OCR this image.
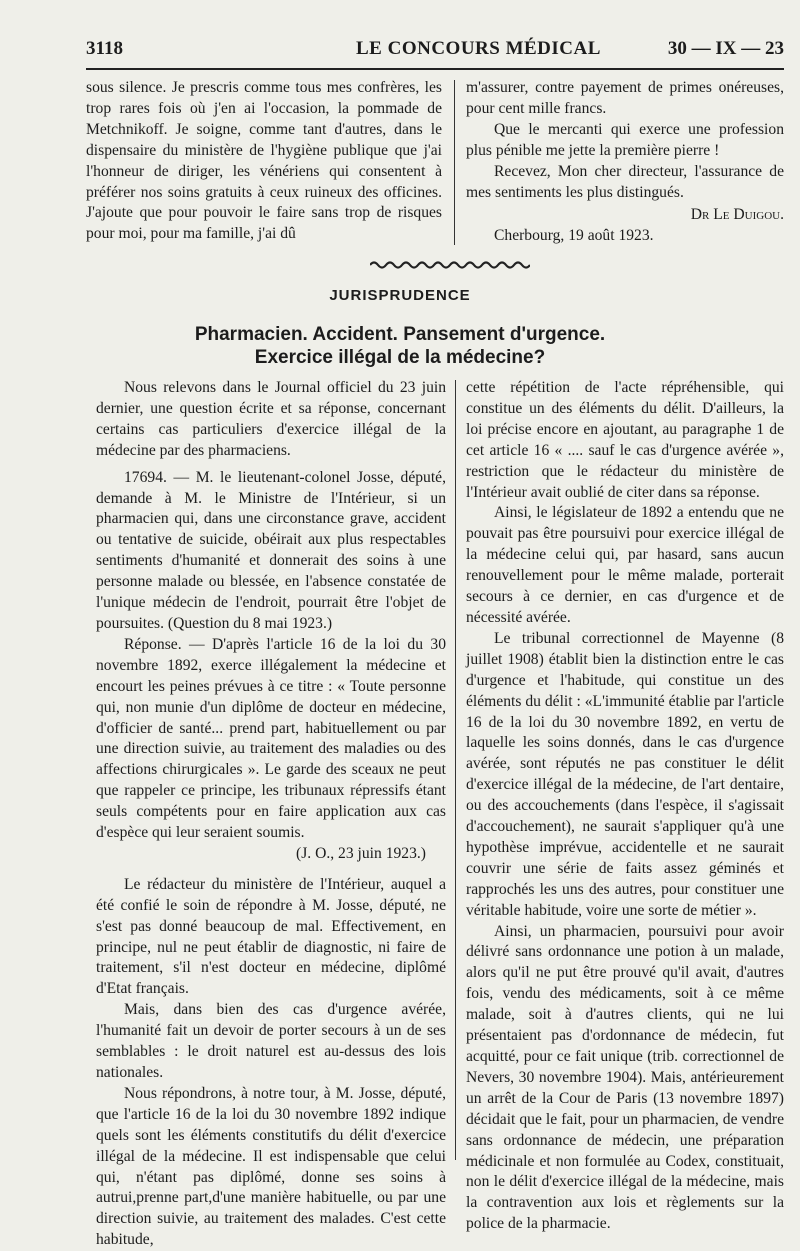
3118	LE CONCOURS MÉDICAL	30 — IX — 23

sous silence. Je prescris comme tous mes confrères, les trop rares fois où j'en ai l'occasion, la pommade de Metchnikoff. Je soigne, comme tant d'autres, dans le dispensaire du ministère de l'hygiène publique que j'ai l'honneur de diriger, les vénériens qui consentent à préférer nos soins gratuits à ceux ruineux des officines. J'ajoute que pour pouvoir le faire sans trop de risques pour moi, pour ma famille, j'ai dû

m'assurer, contre payement de primes onéreuses, pour cent mille francs.

Que le mercanti qui exerce une profession plus pénible me jette la première pierre !

Recevez, Mon cher directeur, l'assurance de mes sentiments les plus distingués.

Dr Le Duigou.

Cherbourg, 19 août 1923.

JURISPRUDENCE
Pharmacien. Accident. Pansement d'urgence.
Exercice illégal de la médecine?

Nous relevons dans le Journal officiel du 23 juin dernier, une question écrite et sa réponse, concernant certains cas particuliers d'exercice illégal de la médecine par des pharmaciens.

17694. — M. le lieutenant-colonel Josse, député, demande à M. le Ministre de l'Intérieur, si un pharmacien qui, dans une circonstance grave, accident ou tentative de suicide, obéirait aux plus respectables sentiments d'humanité et donnerait des soins à une personne malade ou blessée, en l'absence constatée de l'unique médecin de l'endroit, pourrait être l'objet de poursuites. (Question du 8 mai 1923.)

Réponse. — D'après l'article 16 de la loi du 30 novembre 1892, exerce illégalement la médecine et encourt les peines prévues à ce titre : « Toute personne qui, non munie d'un diplôme de docteur en médecine, d'officier de santé... prend part, habituellement ou par une direction suivie, au traitement des maladies ou des affections chirurgicales ». Le garde des sceaux ne peut que rappeler ce principe, les tribunaux répressifs étant seuls compétents pour en faire application aux cas d'espèce qui leur seraient soumis.

(J. O., 23 juin 1923.)

Le rédacteur du ministère de l'Intérieur, auquel a été confié le soin de répondre à M. Josse, député, ne s'est pas donné beaucoup de mal. Effectivement, en principe, nul ne peut établir de diagnostic, ni faire de traitement, s'il n'est docteur en médecine, diplômé d'Etat français.

Mais, dans bien des cas d'urgence avérée, l'humanité fait un devoir de porter secours à un de ses semblables : le droit naturel est au-dessus des lois nationales.

Nous répondrons, à notre tour, à M. Josse, député, que l'article 16 de la loi du 30 novembre 1892 indique quels sont les éléments constitutifs du délit d'exercice illégal de la médecine. Il est indispensable que celui qui, n'étant pas diplômé, donne ses soins à autrui,prenne part,d'une manière habituelle, ou par une direction suivie, au traitement des malades. C'est cette habitude,

cette répétition de l'acte répréhensible, qui constitue un des éléments du délit. D'ailleurs, la loi précise encore en ajoutant, au paragraphe 1 de cet article 16 « .... sauf le cas d'urgence avérée », restriction que le rédacteur du ministère de l'Intérieur avait oublié de citer dans sa réponse.

Ainsi, le législateur de 1892 a entendu que ne pouvait pas être poursuivi pour exercice illégal de la médecine celui qui, par hasard, sans aucun renouvellement pour le même malade, porterait secours à ce dernier, en cas d'urgence et de nécessité avérée.

Le tribunal correctionnel de Mayenne (8 juillet 1908) établit bien la distinction entre le cas d'urgence et l'habitude, qui constitue un des éléments du délit : «L'immunité établie par l'article 16 de la loi du 30 novembre 1892, en vertu de laquelle les soins donnés, dans le cas d'urgence avérée, sont réputés ne pas constituer le délit d'exercice illégal de la médecine, de l'art dentaire, ou des accouchements (dans l'espèce, il s'agissait d'accouchement), ne saurait s'appliquer qu'à une hypothèse imprévue, accidentelle et ne saurait couvrir une série de faits assez géminés et rapprochés les uns des autres, pour constituer une véritable habitude, voire une sorte de métier ».

Ainsi, un pharmacien, poursuivi pour avoir délivré sans ordonnance une potion à un malade, alors qu'il ne put être prouvé qu'il avait, d'autres fois, vendu des médicaments, soit à ce même malade, soit à d'autres clients, qui ne lui présentaient pas d'ordonnance de médecin, fut acquitté, pour ce fait unique (trib. correctionnel de Nevers, 30 novembre 1904). Mais, antérieurement un arrêt de la Cour de Paris (13 novembre 1897) décidait que le fait, pour un pharmacien, de vendre sans ordonnance de médecin, une préparation médicinale et non formulée au Codex, constituait, non le délit d'exercice illégal de la médecine, mais la contravention aux lois et règlements sur la police de la pharmacie.
